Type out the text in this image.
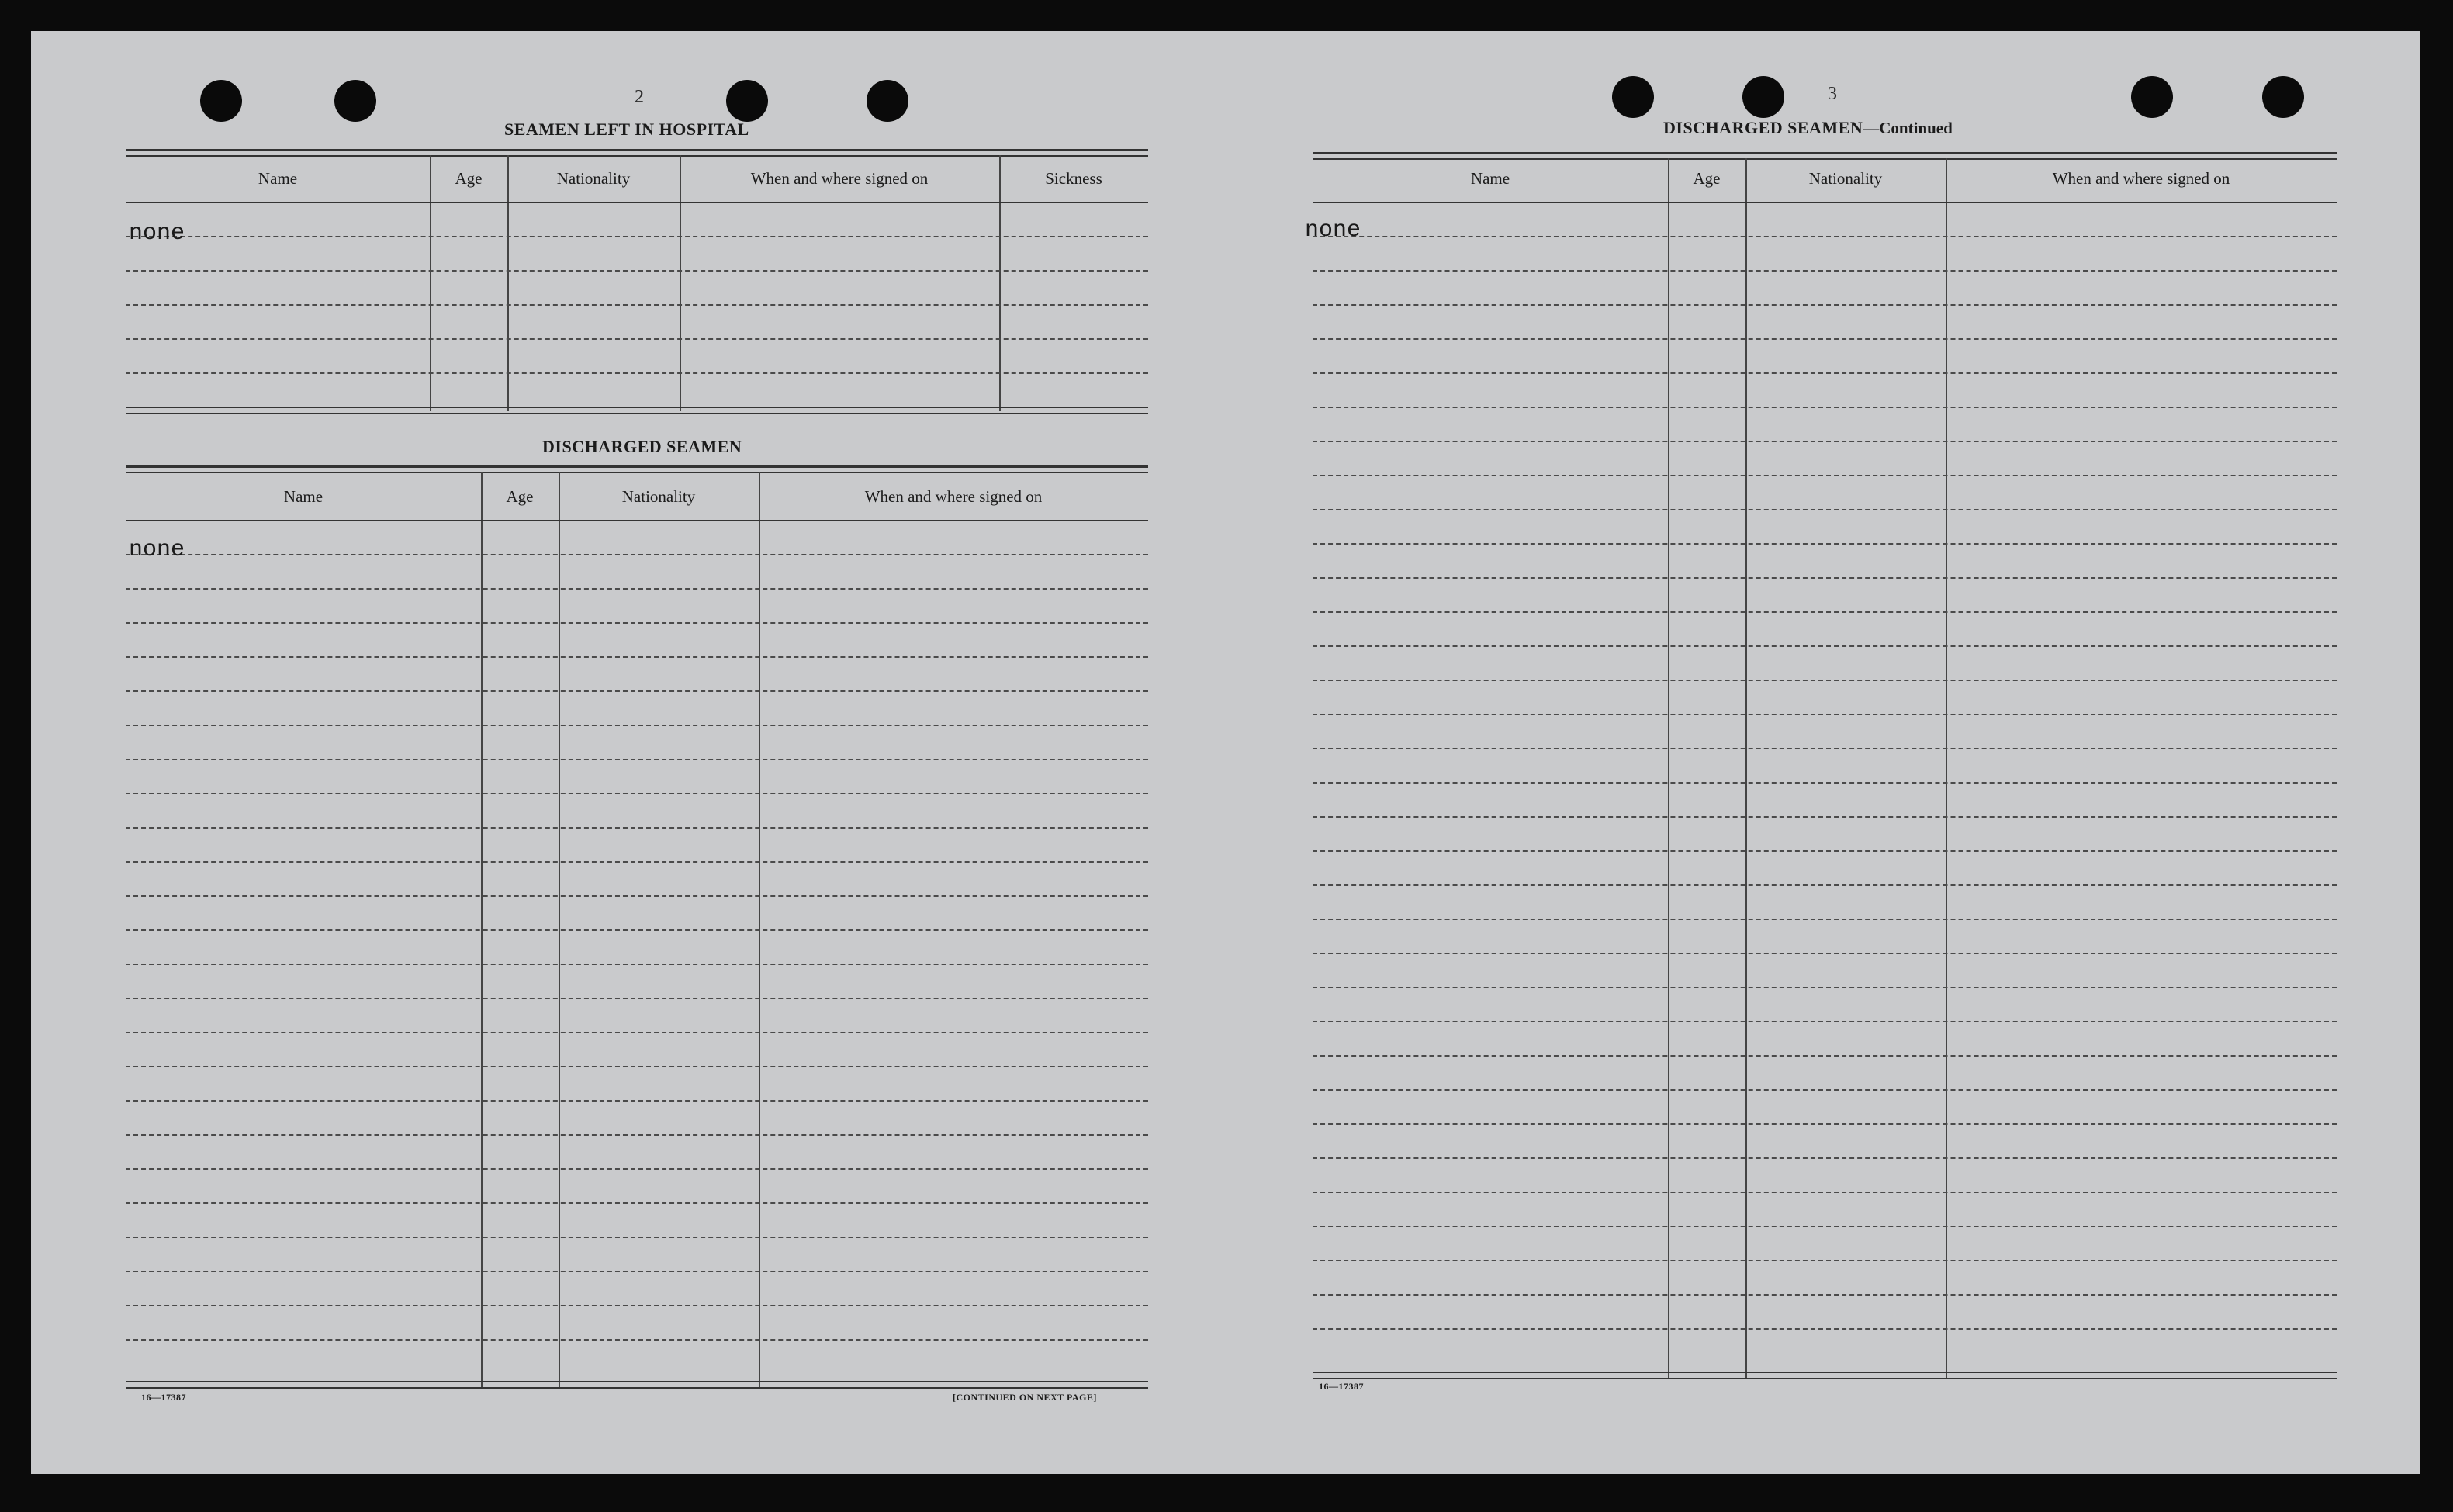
2
SEAMEN LEFT IN HOSPITAL
Name	Age	Nationality	When and where signed on	Sickness
none
DISCHARGED SEAMEN
Name	Age	Nationality	When and where signed on
none
16—17387	[CONTINUED ON NEXT PAGE]
3
DISCHARGED SEAMEN—Continued
Name	Age	Nationality	When and where signed on
none
16—17387
